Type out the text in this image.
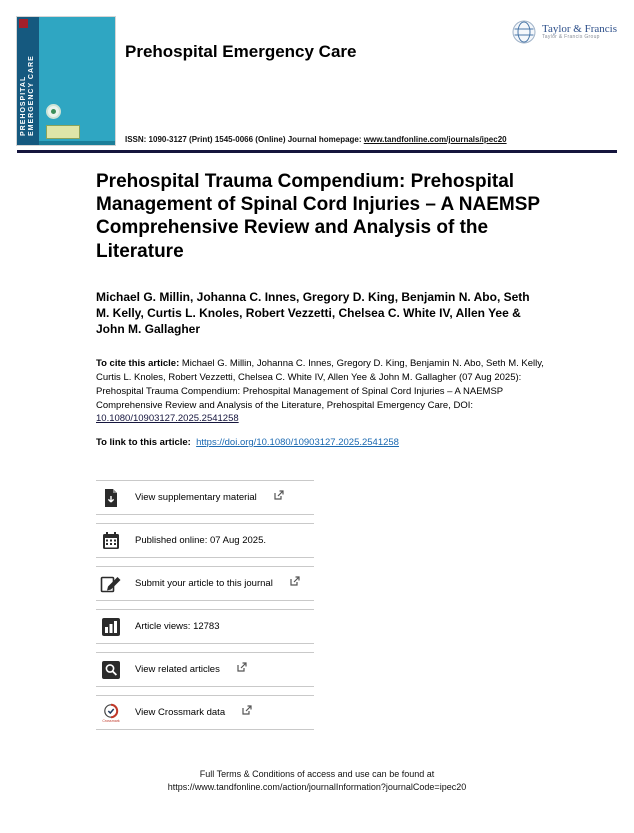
PREHOSPITAL EMERGENCY CARE
Prehospital Emergency Care
ISSN: 1090-3127 (Print) 1545-0066 (Online) Journal homepage: www.tandfonline.com/journals/ipec20
Taylor & Francis
Taylor & Francis Group
Prehospital Trauma Compendium: Prehospital Management of Spinal Cord Injuries – A NAEMSP Comprehensive Review and Analysis of the Literature
Michael G. Millin, Johanna C. Innes, Gregory D. King, Benjamin N. Abo, Seth M. Kelly, Curtis L. Knoles, Robert Vezzetti, Chelsea C. White IV, Allen Yee & John M. Gallagher
To cite this article: Michael G. Millin, Johanna C. Innes, Gregory D. King, Benjamin N. Abo, Seth M. Kelly, Curtis L. Knoles, Robert Vezzetti, Chelsea C. White IV, Allen Yee & John M. Gallagher (07 Aug 2025): Prehospital Trauma Compendium: Prehospital Management of Spinal Cord Injuries – A NAEMSP Comprehensive Review and Analysis of the Literature, Prehospital Emergency Care, DOI: 10.1080/10903127.2025.2541258
To link to this article: https://doi.org/10.1080/10903127.2025.2541258
View supplementary material
Published online: 07 Aug 2025.
Submit your article to this journal
Article views: 12783
View related articles
Crossmark
View Crossmark data
Full Terms & Conditions of access and use can be found at
https://www.tandfonline.com/action/journalInformation?journalCode=ipec20
